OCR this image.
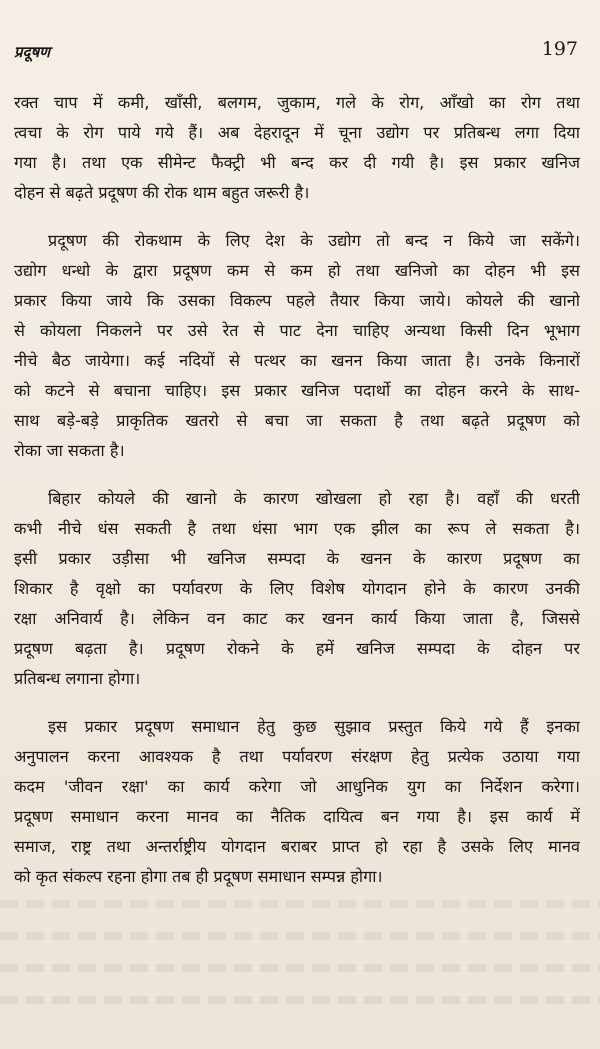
प्रदूषण	197
रक्त चाप में कमी, खाँसी, बलगम, जुकाम, गले के रोग, आँखो का रोग तथा
त्वचा के रोग पाये गये हैं। अब देहरादून में चूना उद्योग पर प्रतिबन्ध लगा दिया
गया है। तथा एक सीमेन्ट फैक्ट्री भी बन्द कर दी गयी है। इस प्रकार खनिज
दोहन से बढ़ते प्रदूषण की रोक थाम बहुत जरूरी है।
प्रदूषण की रोकथाम के लिए देश के उद्योग तो बन्द न किये जा सकेंगे।
उद्योग धन्धो के द्वारा प्रदूषण कम से कम हो तथा खनिजो का दोहन भी इस
प्रकार किया जाये कि उसका विकल्प पहले तैयार किया जाये। कोयले की खानो
से कोयला निकलने पर उसे रेत से पाट देना चाहिए अन्यथा किसी दिन भूभाग
नीचे बैठ जायेगा। कई नदियों से पत्थर का खनन किया जाता है। उनके किनारों
को कटने से बचाना चाहिए। इस प्रकार खनिज पदार्थो का दोहन करने के साथ-
साथ बड़े-बड़े प्राकृतिक खतरो से बचा जा सकता है तथा बढ़ते प्रदूषण को
रोका जा सकता है।
बिहार कोयले की खानो के कारण खोखला हो रहा है। वहाँ की धरती
कभी नीचे धंस सकती है तथा धंसा भाग एक झील का रूप ले सकता है।
इसी प्रकार उड़ीसा भी खनिज सम्पदा के खनन के कारण प्रदूषण का
शिकार है वृक्षो का पर्यावरण के लिए विशेष योगदान होने के कारण उनकी
रक्षा अनिवार्य है। लेकिन वन काट कर खनन कार्य किया जाता है, जिससे
प्रदूषण बढ़ता है। प्रदूषण रोकने के हमें खनिज सम्पदा के दोहन पर
प्रतिबन्ध लगाना होगा।
इस प्रकार प्रदूषण समाधान हेतु कुछ सुझाव प्रस्तुत किये गये हैं इनका
अनुपालन करना आवश्यक है तथा पर्यावरण संरक्षण हेतु प्रत्येक उठाया गया
कदम 'जीवन रक्षा' का कार्य करेगा जो आधुनिक युग का निर्देशन करेगा।
प्रदूषण समाधान करना मानव का नैतिक दायित्व बन गया है। इस कार्य में
समाज, राष्ट्र तथा अन्तर्राष्ट्रीय योगदान बराबर प्राप्त हो रहा है उसके लिए मानव
को कृत संकल्प रहना होगा तब ही प्रदूषण समाधान सम्पन्न होगा।
